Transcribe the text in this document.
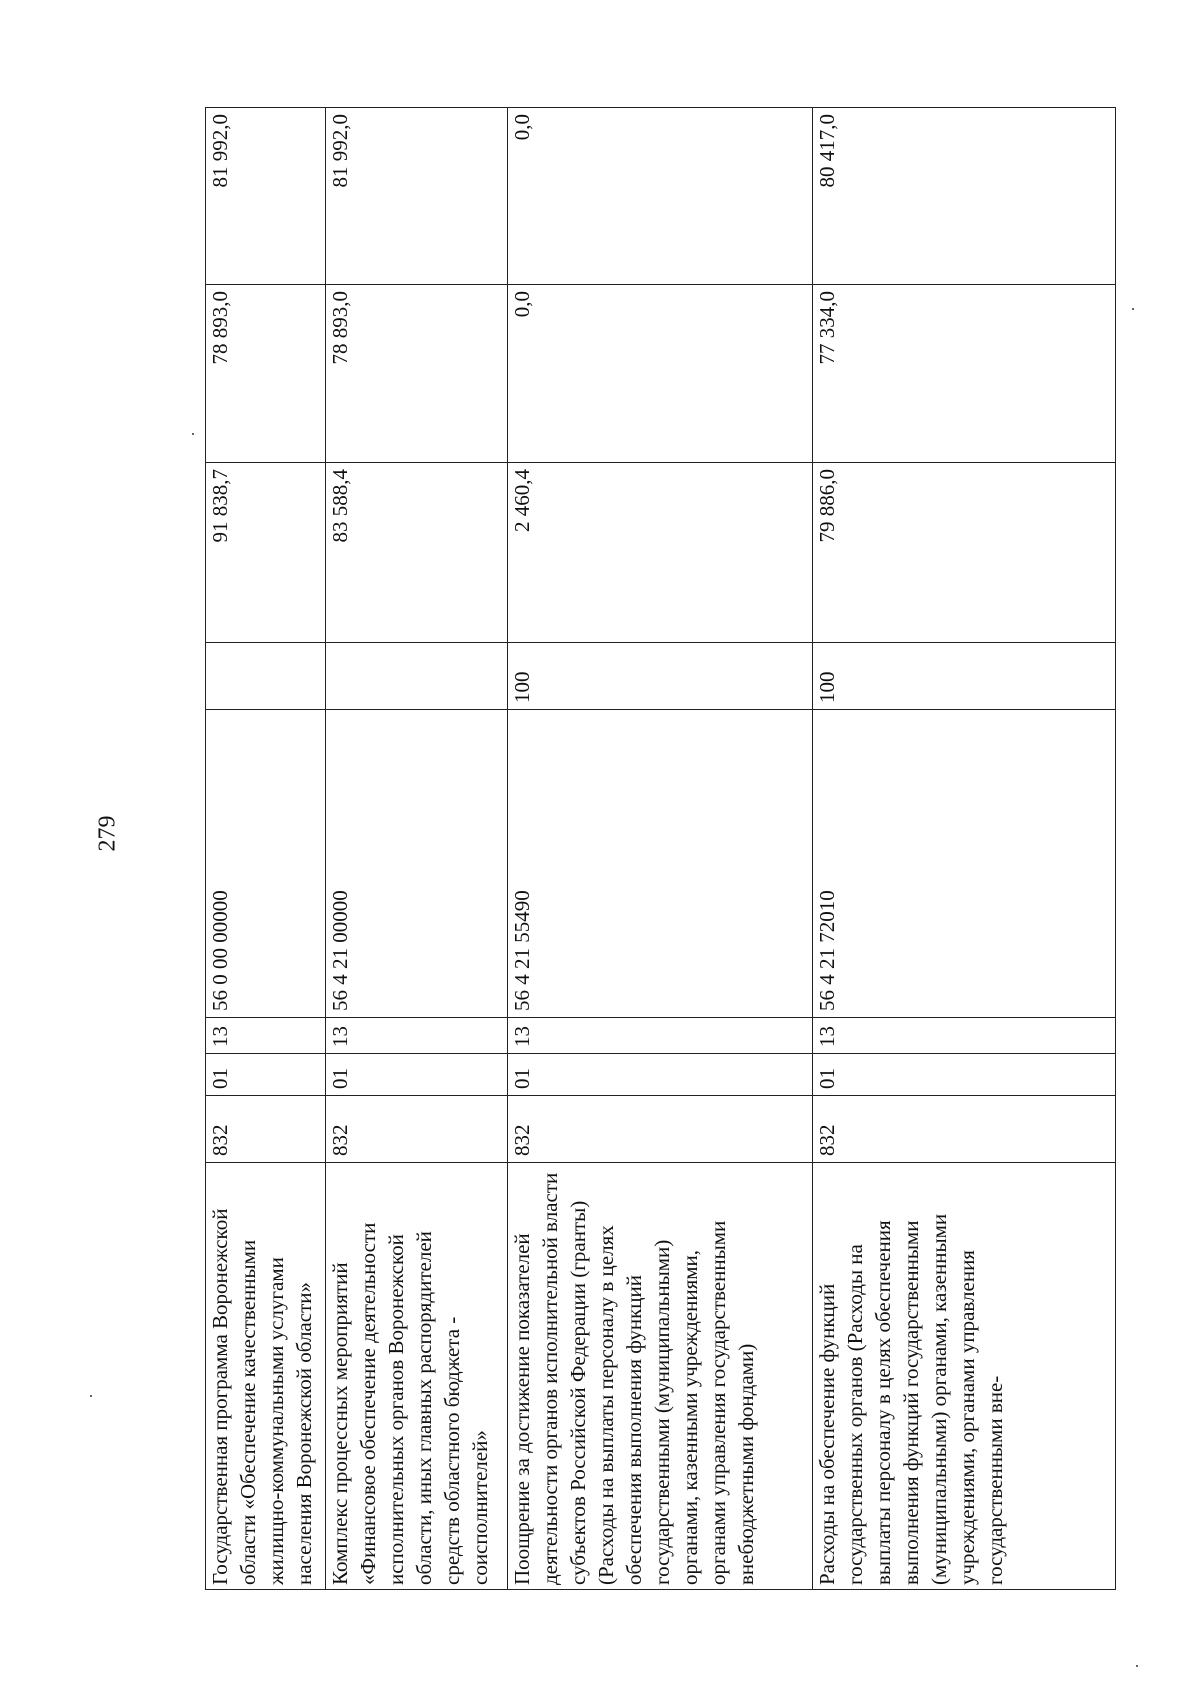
279
Государственная программа Воронежской области «Обеспечение качественными жилищно-коммунальными услугами населения Воронежской области»	832	01	13	56 0 00 00000		91 838,7	78 893,0	81 992,0
Комплекс процессных мероприятий «Финансовое обеспечение деятельности исполнительных органов Воронежской области, иных главных распорядителей средств областного бюджета - соисполнителей»	832	01	13	56 4 21 00000		83 588,4	78 893,0	81 992,0
Поощрение за достижение показателей деятельности органов исполнительной власти субъектов Российской Федерации (гранты) (Расходы на выплаты персоналу в целях обеспечения выполнения функций государственными (муниципальными) органами, казенными учреждениями, органами управления государственными внебюджетными фондами)	832	01	13	56 4 21 55490	100	2 460,4	0,0	0,0
Расходы на обеспечение функций государственных органов (Расходы на выплаты персоналу в целях обеспечения выполнения функций государственными (муниципальными) органами, казенными учреждениями, органами управления государственными вне-	832	01	13	56 4 21 72010	100	79 886,0	77 334,0	80 417,0
